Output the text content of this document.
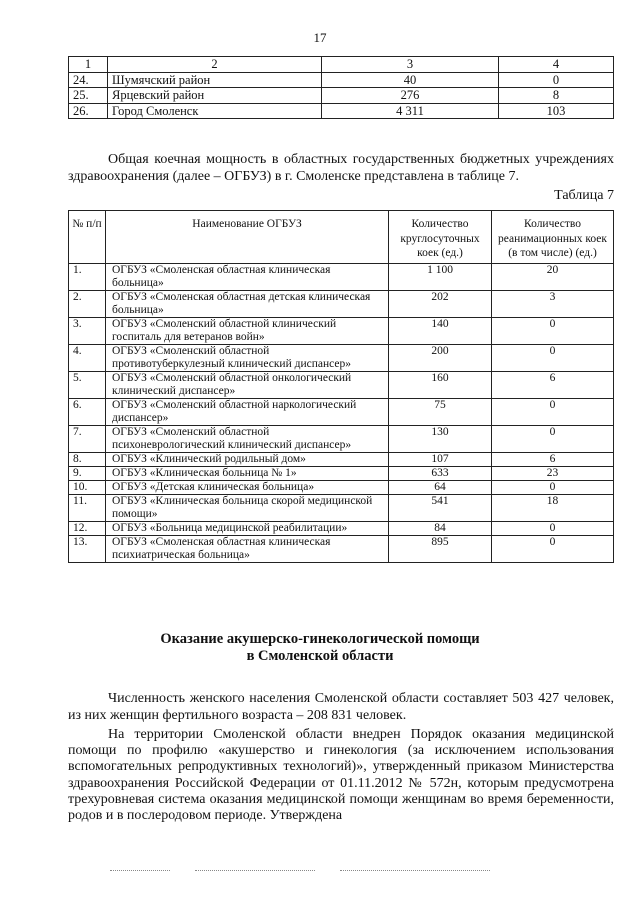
17
1	2	3	4
24.	Шумячский район	40	0
25.	Ярцевский район	276	8
26.	Город Смоленск	4 311	103

Общая коечная мощность в областных государственных бюджетных учреждениях здравоохранения (далее – ОГБУЗ) в г. Смоленске представлена в таблице 7.

Таблица 7
№ п/п	Наименование ОГБУЗ	Количество круглосуточных коек (ед.)	Количество реанимационных коек (в том числе) (ед.)
1.	ОГБУЗ «Смоленская областная клиническая больница»	1 100	20
2.	ОГБУЗ «Смоленская областная детская клиническая больница»	202	3
3.	ОГБУЗ «Смоленский областной клинический госпиталь для ветеранов войн»	140	0
4.	ОГБУЗ «Смоленский областной противотуберкулезный клинический диспансер»	200	0
5.	ОГБУЗ «Смоленский областной онкологический клинический диспансер»	160	6
6.	ОГБУЗ «Смоленский областной наркологический диспансер»	75	0
7.	ОГБУЗ «Смоленский областной психоневрологический клинический диспансер»	130	0
8.	ОГБУЗ «Клинический родильный дом»	107	6
9.	ОГБУЗ «Клиническая больница № 1»	633	23
10.	ОГБУЗ «Детская клиническая больница»	64	0
11.	ОГБУЗ «Клиническая больница скорой медицинской помощи»	541	18
12.	ОГБУЗ «Больница медицинской реабилитации»	84	0
13.	ОГБУЗ «Смоленская областная клиническая психиатрическая больница»	895	0
Оказание акушерско-гинекологической помощи
в Смоленской области

Численность женского населения Смоленской области составляет 503 427 человек, из них женщин фертильного возраста – 208 831 человек.

На территории Смоленской области внедрен Порядок оказания медицинской помощи по профилю «акушерство и гинекология (за исключением использования вспомогательных репродуктивных технологий)», утвержденный приказом Министерства здравоохранения Российской Федерации от 01.11.2012 № 572н, которым предусмотрена трехуровневая система оказания медицинской помощи женщинам во время беременности, родов и в послеродовом периоде. Утверждена
